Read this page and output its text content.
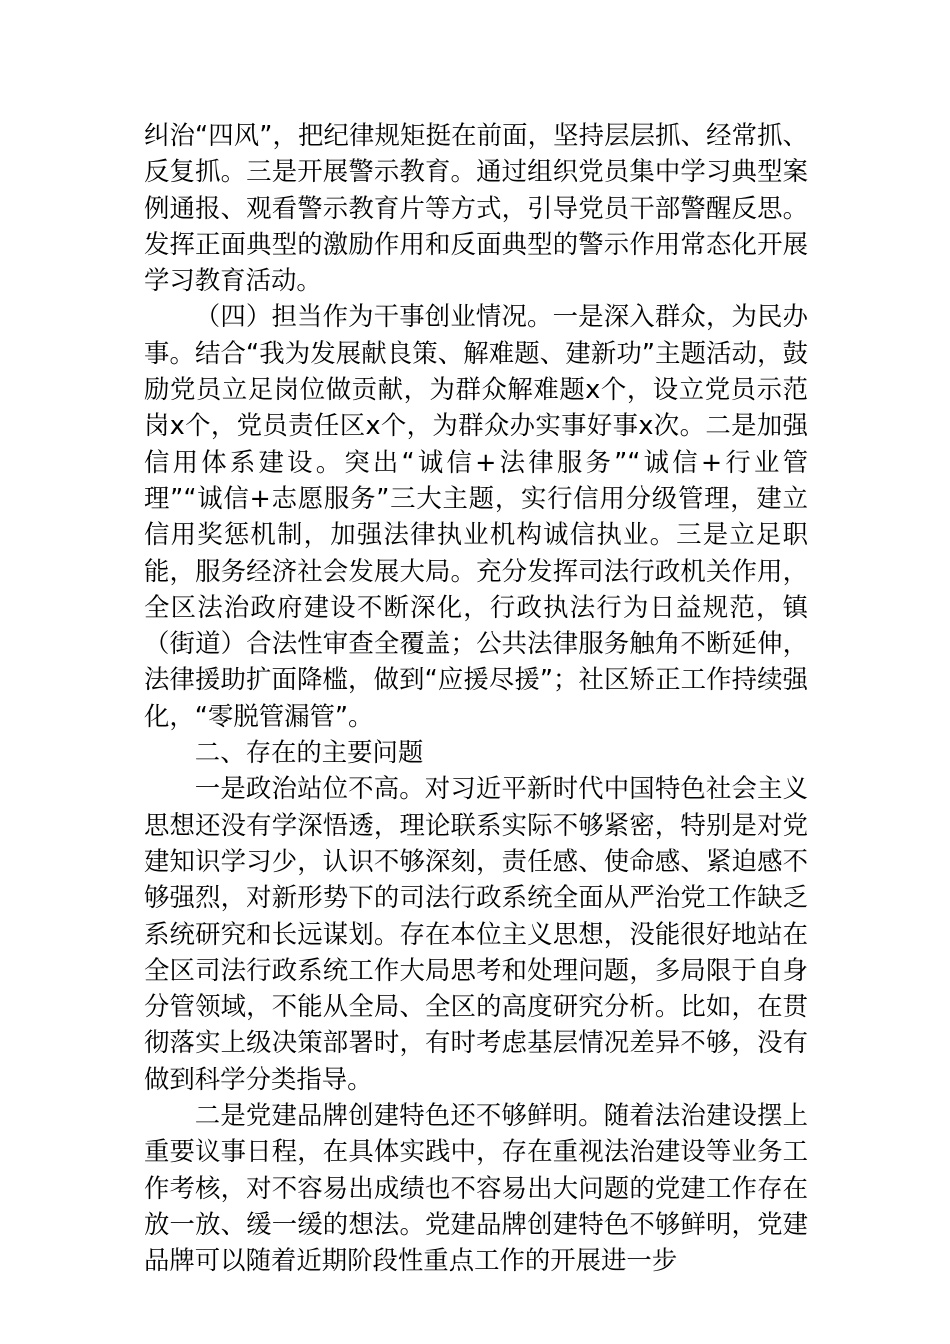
纠治“四风”，把纪律规矩挺在前面，坚持层层抓、经常抓、反复抓。三是开展警示教育。通过组织党员集中学习典型案例通报、观看警示教育片等方式，引导党员干部警醒反思。发挥正面典型的激励作用和反面典型的警示作用常态化开展学习教育活动。

（四）担当作为干事创业情况。一是深入群众，为民办事。结合“我为发展献良策、解难题、建新功”主题活动，鼓励党员立足岗位做贡献，为群众解难题x个，设立党员示范岗x个，党员责任区x个，为群众办实事好事x次。二是加强信用体系建设。突出“诚信+法律服务”“诚信+行业管理”“诚信+志愿服务”三大主题，实行信用分级管理，建立信用奖惩机制，加强法律执业机构诚信执业。三是立足职能，服务经济社会发展大局。充分发挥司法行政机关作用，全区法治政府建设不断深化，行政执法行为日益规范，镇（街道）合法性审查全覆盖；公共法律服务触角不断延伸，法律援助扩面降槛，做到“应援尽援”；社区矫正工作持续强化，“零脱管漏管”。

二、存在的主要问题

一是政治站位不高。对习近平新时代中国特色社会主义思想还没有学深悟透，理论联系实际不够紧密，特别是对党建知识学习少，认识不够深刻，责任感、使命感、紧迫感不够强烈，对新形势下的司法行政系统全面从严治党工作缺乏系统研究和长远谋划。存在本位主义思想，没能很好地站在全区司法行政系统工作大局思考和处理问题，多局限于自身分管领域，不能从全局、全区的高度研究分析。比如，在贯彻落实上级决策部署时，有时考虑基层情况差异不够，没有做到科学分类指导。

二是党建品牌创建特色还不够鲜明。随着法治建设摆上重要议事日程，在具体实践中，存在重视法治建设等业务工作考核，对不容易出成绩也不容易出大问题的党建工作存在放一放、缓一缓的想法。党建品牌创建特色不够鲜明，党建品牌可以随着近期阶段性重点工作的开展进一步
